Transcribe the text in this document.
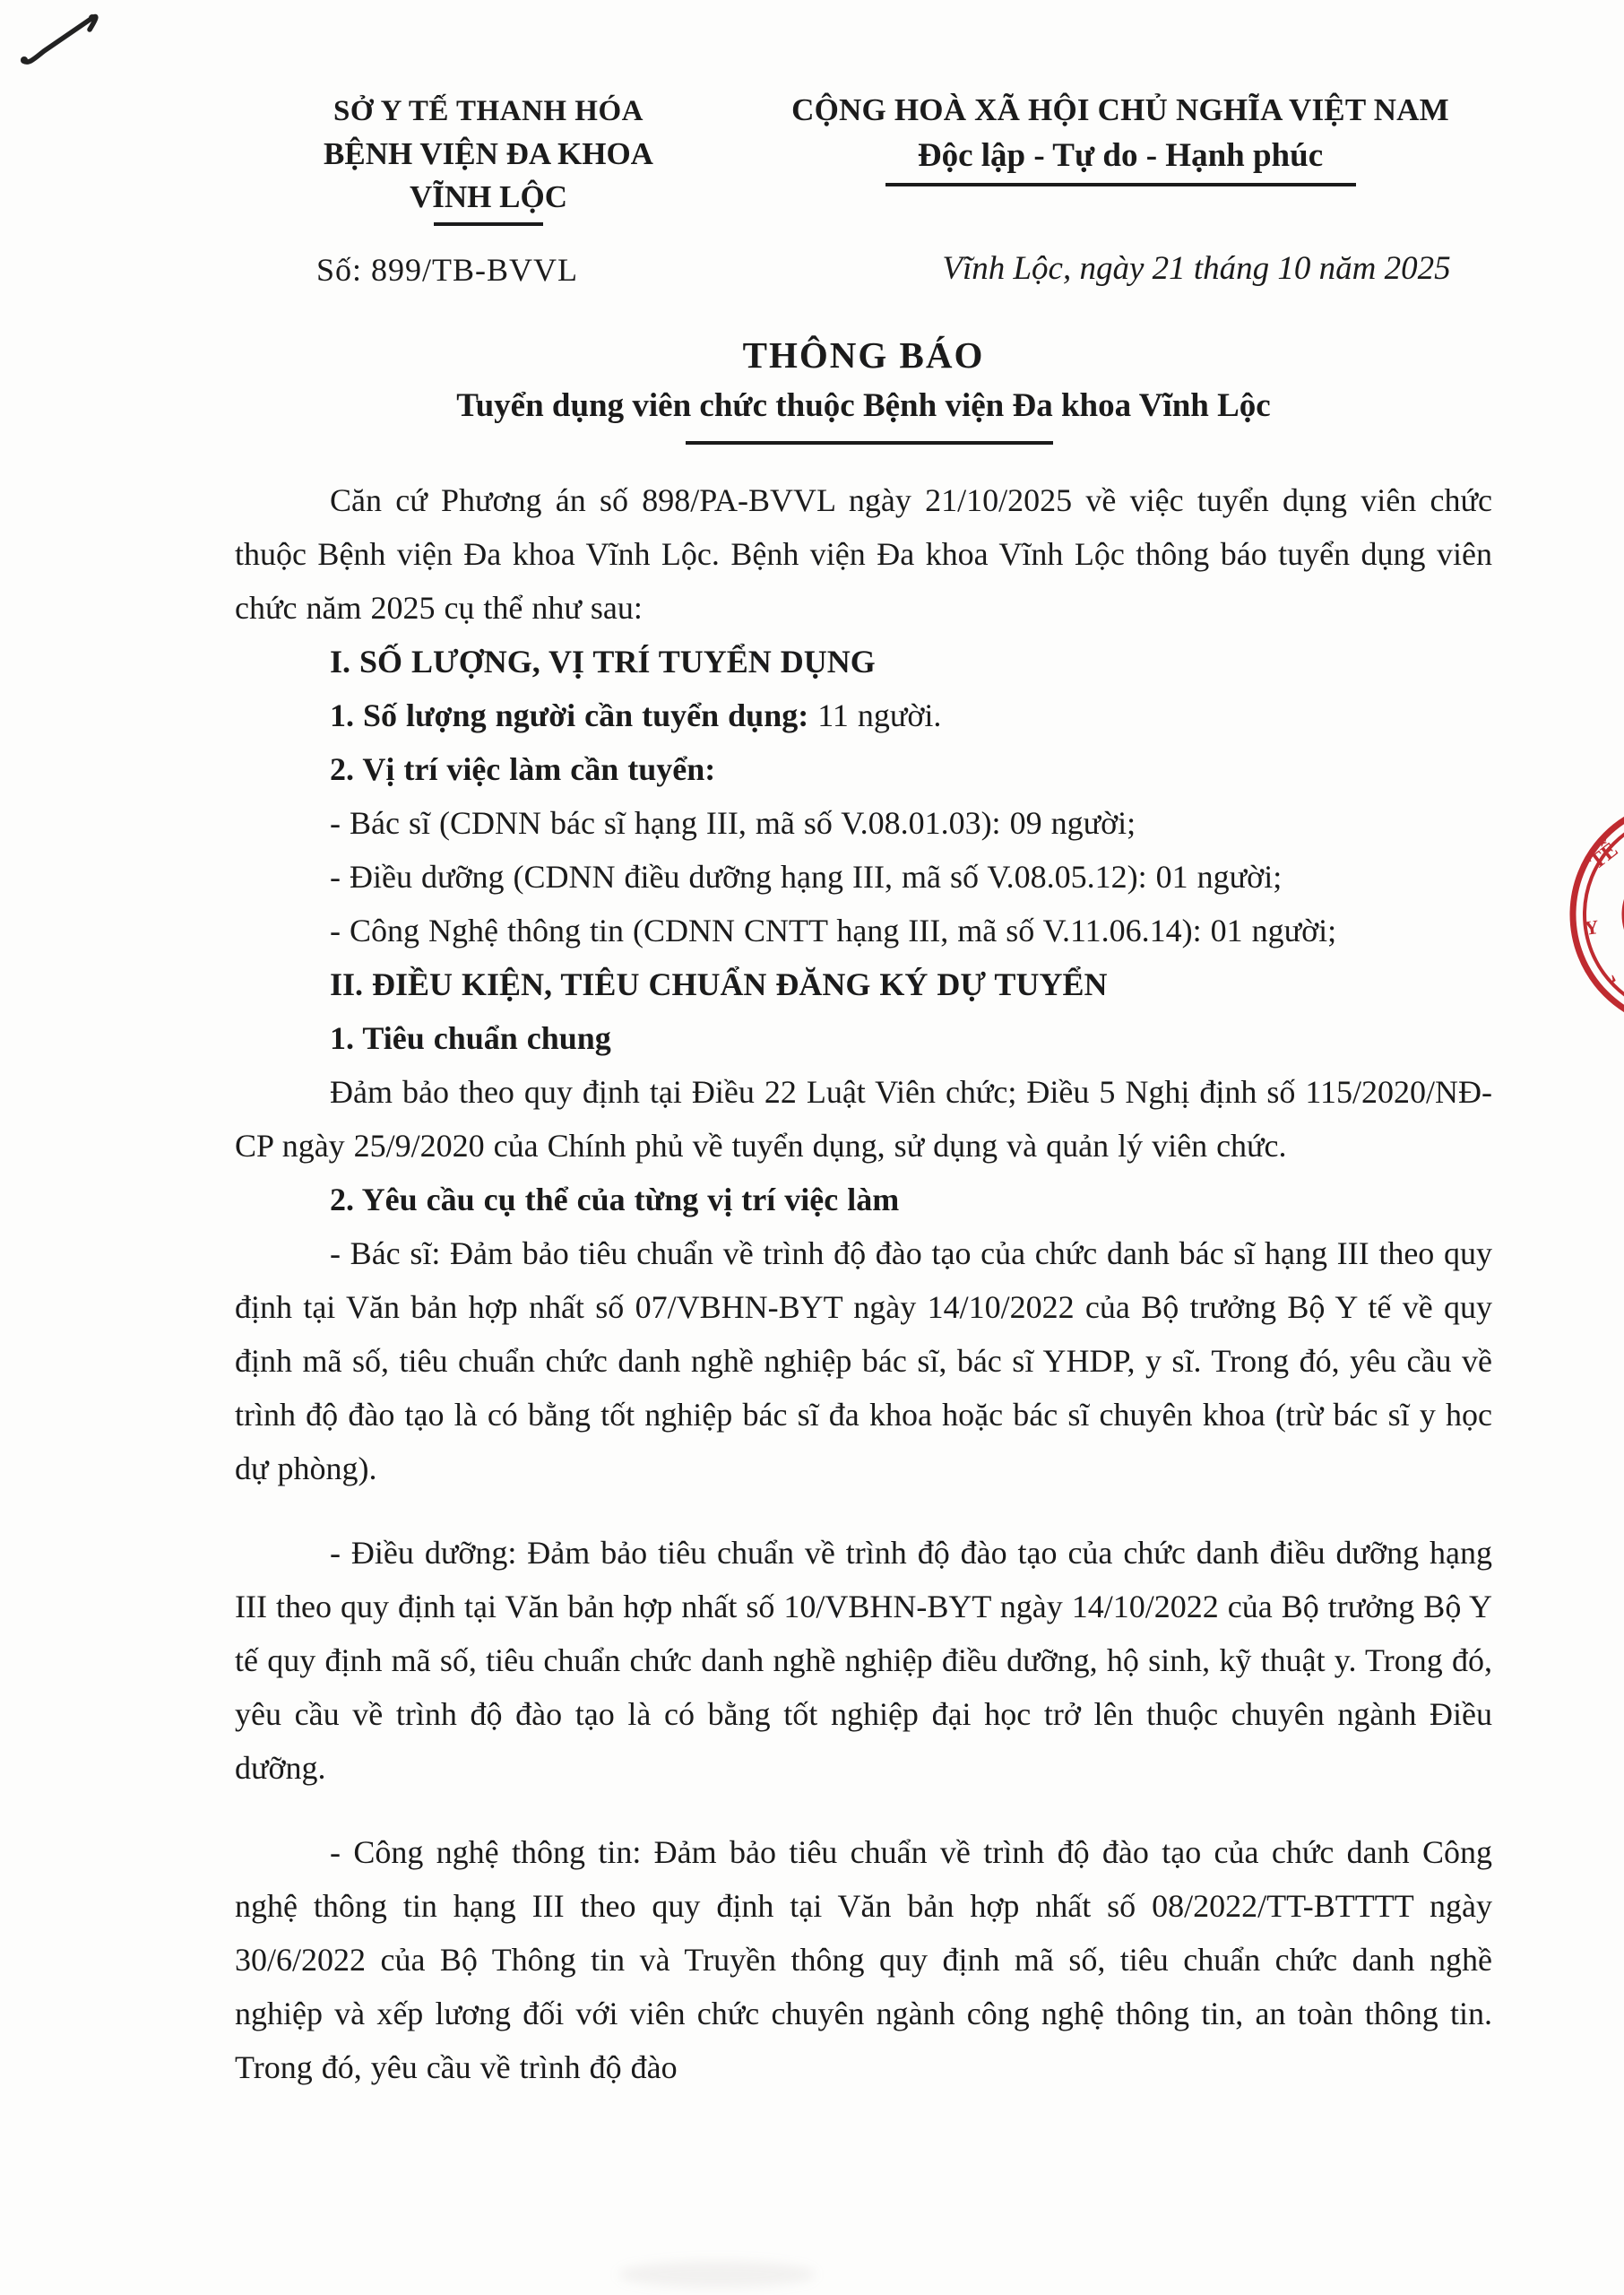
SỞ Y TẾ THANH HÓA
BỆNH VIỆN ĐA KHOA
VĨNH LỘC
CỘNG HOÀ XÃ HỘI CHỦ NGHĨA VIỆT NAM
Độc lập - Tự do - Hạnh phúc
Số: 899/TB-BVVL	Vĩnh Lộc, ngày 21 tháng 10 năm 2025
THÔNG BÁO
Tuyển dụng viên chức thuộc Bệnh viện Đa khoa Vĩnh Lộc

Căn cứ Phương án số 898/PA-BVVL ngày 21/10/2025 về việc tuyển dụng viên chức thuộc Bệnh viện Đa khoa Vĩnh Lộc. Bệnh viện Đa khoa Vĩnh Lộc thông báo tuyển dụng viên chức năm 2025 cụ thể như sau:

I. SỐ LƯỢNG, VỊ TRÍ TUYỂN DỤNG

1. Số lượng người cần tuyển dụng: 11 người.

2. Vị trí việc làm cần tuyển:

- Bác sĩ (CDNN bác sĩ hạng III, mã số V.08.01.03): 09 người;

- Điều dưỡng (CDNN điều dưỡng hạng III, mã số V.08.05.12): 01 người;

- Công Nghệ thông tin (CDNN CNTT hạng III, mã số V.11.06.14): 01 người;

II. ĐIỀU KIỆN, TIÊU CHUẨN ĐĂNG KÝ DỰ TUYỂN

1. Tiêu chuẩn chung

Đảm bảo theo quy định tại Điều 22 Luật Viên chức; Điều 5 Nghị định số 115/2020/NĐ-CP ngày 25/9/2020 của Chính phủ về tuyển dụng, sử dụng và quản lý viên chức.

2. Yêu cầu cụ thể của từng vị trí việc làm

- Bác sĩ: Đảm bảo tiêu chuẩn về trình độ đào tạo của chức danh bác sĩ hạng III theo quy định tại Văn bản hợp nhất số 07/VBHN-BYT ngày 14/10/2022 của Bộ trưởng Bộ Y tế về quy định mã số, tiêu chuẩn chức danh nghề nghiệp bác sĩ, bác sĩ YHDP, y sĩ. Trong đó, yêu cầu về trình độ đào tạo là có bằng tốt nghiệp bác sĩ đa khoa hoặc bác sĩ chuyên khoa (trừ bác sĩ y học dự phòng).

- Điều dưỡng: Đảm bảo tiêu chuẩn về trình độ đào tạo của chức danh điều dưỡng hạng III theo quy định tại Văn bản hợp nhất số 10/VBHN-BYT ngày 14/10/2022 của Bộ trưởng Bộ Y tế quy định mã số, tiêu chuẩn chức danh nghề nghiệp điều dưỡng, hộ sinh, kỹ thuật y. Trong đó, yêu cầu về trình độ đào tạo là có bằng tốt nghiệp đại học trở lên thuộc chuyên ngành Điều dưỡng.

- Công nghệ thông tin: Đảm bảo tiêu chuẩn về trình độ đào tạo của chức danh Công nghệ thông tin hạng III theo quy định tại Văn bản hợp nhất số 08/2022/TT-BTTTT ngày 30/6/2022 của Bộ Thông tin và Truyền thông quy định mã số, tiêu chuẩn chức danh nghề nghiệp và xếp lương đối với viên chức chuyên ngành công nghệ thông tin, an toàn thông tin. Trong đó, yêu cầu về trình độ đào

TẾ
Y
›
